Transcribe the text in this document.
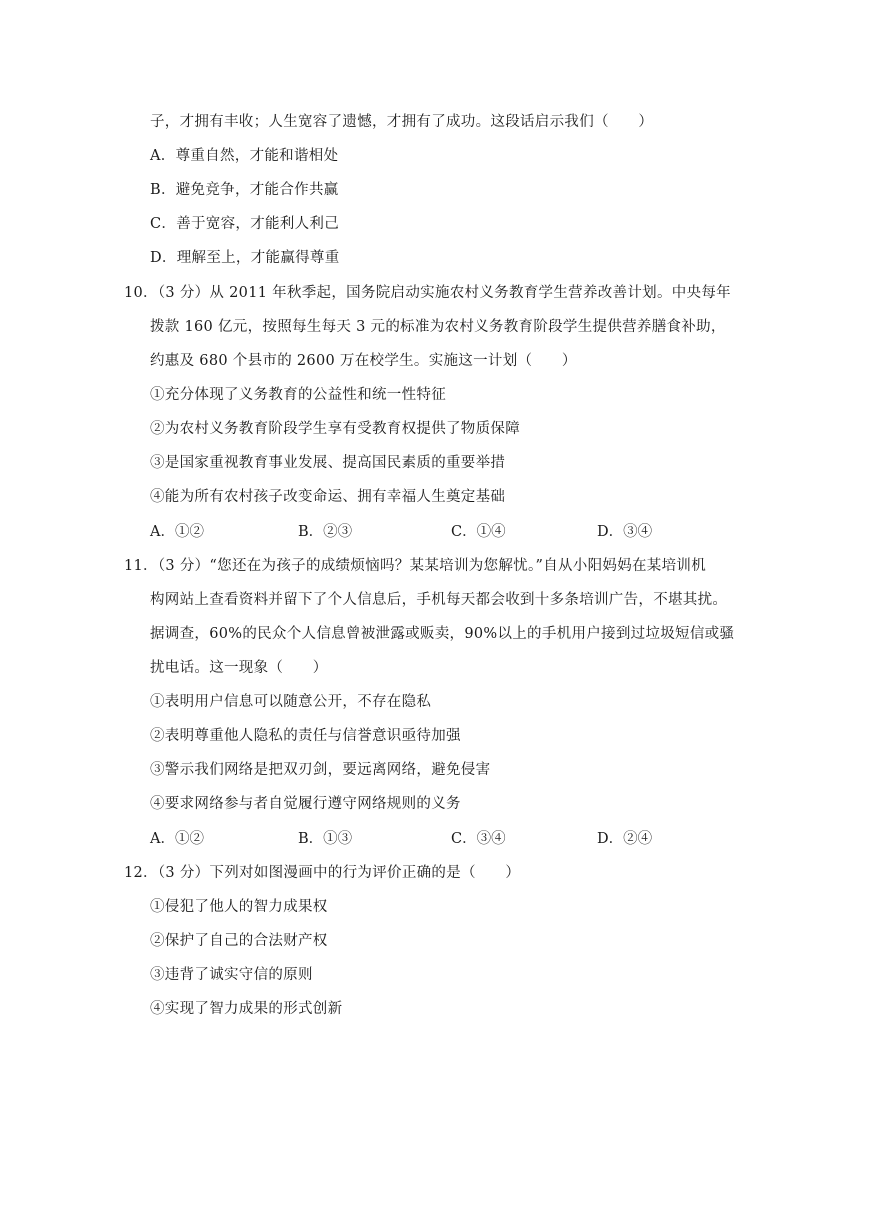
子，才拥有丰收；人生宽容了遗憾，才拥有了成功。这段话启示我们（　　）
A．尊重自然，才能和谐相处
B．避免竞争，才能合作共赢
C．善于宽容，才能利人利己
D．理解至上，才能赢得尊重
10．（3 分）从 2011 年秋季起，国务院启动实施农村义务教育学生营养改善计划。中央每年
拨款 160 亿元，按照每生每天 3 元的标准为农村义务教育阶段学生提供营养膳食补助，
约惠及 680 个县市的 2600 万在校学生。实施这一计划（　　）
①充分体现了义务教育的公益性和统一性特征
②为农村义务教育阶段学生享有受教育权提供了物质保障
③是国家重视教育事业发展、提高国民素质的重要举措
④能为所有农村孩子改变命运、拥有幸福人生奠定基础
A．①②	B．②③	C．①④	D．③④
11．（3 分）“您还在为孩子的成绩烦恼吗？某某培训为您解忧。”自从小阳妈妈在某培训机
构网站上查看资料并留下了个人信息后，手机每天都会收到十多条培训广告，不堪其扰。
据调查，60%的民众个人信息曾被泄露或贩卖，90%以上的手机用户接到过垃圾短信或骚
扰电话。这一现象（　　）
①表明用户信息可以随意公开，不存在隐私
②表明尊重他人隐私的责任与信誉意识亟待加强
③警示我们网络是把双刃剑，要远离网络，避免侵害
④要求网络参与者自觉履行遵守网络规则的义务
A．①②	B．①③	C．③④	D．②④
12．（3 分）下列对如图漫画中的行为评价正确的是（　　）
①侵犯了他人的智力成果权
②保护了自己的合法财产权
③违背了诚实守信的原则
④实现了智力成果的形式创新
